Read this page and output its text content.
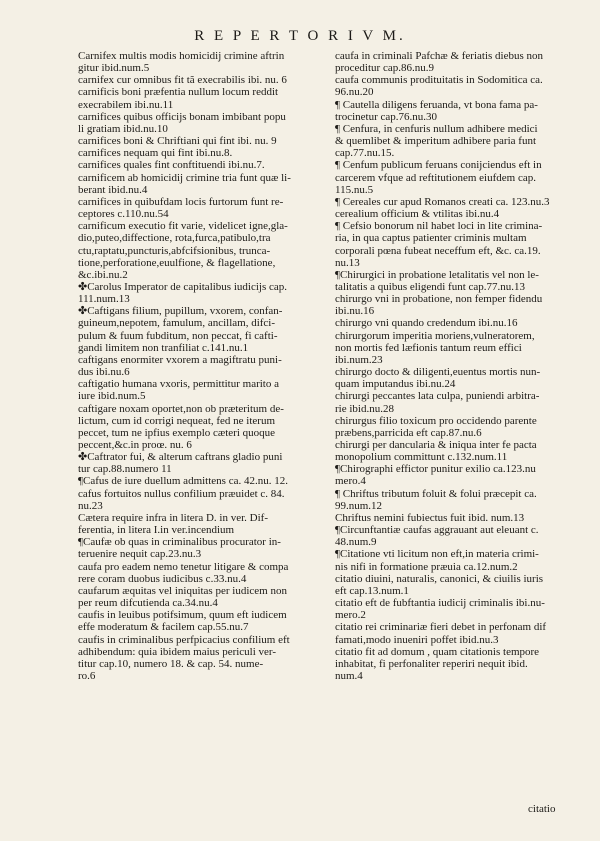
R E P E R T O R I V M.
Carnifex multis modis homicidij crimine aftrin
gitur ibid.num.5
carnifex cur omnibus fit tã execrabilis ibi. nu. 6
carnificis boni præfentia nullum locum reddit
execrabilem ibi.nu.11
carnifices quibus officijs bonam imbibant popu
li gratiam ibid.nu.10
carnifices boni & Chriftiani qui fint ibi. nu. 9
carnifices nequam qui fint ibi.nu.8.
carnifices quales fint conftituendi ibi.nu.7.
carnificem ab homicidij crimine tria funt quæ li-
berant ibid.nu.4
carnifices in quibufdam locis furtorum funt re-
ceptores c.110.nu.54
carnificum executio fit varie, videlicet igne,gla-
dio,puteo,diffectione, rota,furca,patibulo,tra
ctu,raptatu,puncturis,abfcifsionibus, trunca-
tione,perforatione,euulfione, & flagellatione,
&c.ibi.nu.2
✤Carolus Imperator de capitalibus iudicijs cap.
111.num.13
✤Caftigans filium, pupillum, vxorem, confan-
guineum,nepotem, famulum, ancillam, difci-
pulum & fuum fubditum, non peccat, fi cafti-
gandi limitem non tranfiliat c.141.nu.1
caftigans enormiter vxorem a magiftratu puni-
dus ibi.nu.6
caftigatio humana vxoris, permittitur marito a
iure ibid.num.5
caftigare noxam oportet,non ob præteritum de-
lictum, cum id corrigi nequeat, fed ne iterum
peccet, tum ne ipfius exemplo cæteri quoque
peccent,&c.in proœ. nu. 6
✤Caftrator fui, & alterum caftrans gladio puni
tur cap.88.numero 11
¶Cafus de iure duellum admittens ca. 42.nu. 12.
cafus fortuitos nullus confilium præuidet c. 84.
nu.23
Cætera require infra in litera D. in ver. Dif-
ferentia, in litera I.in ver.incendium
¶Caufæ ob quas in criminalibus procurator in-
teruenire nequit cap.23.nu.3
caufa pro eadem nemo tenetur litigare & compa
rere coram duobus iudicibus c.33.nu.4
caufarum æquitas vel iniquitas per iudicem non
per reum difcutienda ca.34.nu.4
caufis in leuibus potifsimum, quum eft iudicem
effe moderatum & facilem cap.55.nu.7
caufis in criminalibus perfpicacius confilium eft
adhibendum: quia ibidem maius periculi ver-
titur cap.10, numero 18. & cap. 54. nume-
ro.6
caufa in criminali Pafchæ & feriatis diebus non
proceditur cap.86.nu.9
caufa communis prodituitatis in Sodomitica ca.
96.nu.20
¶ Cautella diligens feruanda, vt bona fama pa-
trocinetur cap.76.nu.30
¶ Cenfura, in cenfuris nullum adhibere medici
& quemlibet & imperitum adhibere paria funt
cap.77.nu.15.
¶ Cenfum publicum feruans conijciendus eft in
carcerem vfque ad reftitutionem eiufdem cap.
115.nu.5
¶ Cereales cur apud Romanos creati ca. 123.nu.3
cerealium officium & vtilitas ibi.nu.4
¶ Cefsio bonorum nil habet loci in lite crimina-
ria, in qua captus patienter criminis multam
corporali pœna fubeat neceffum eft, &c. ca.19.
nu.13
¶Chirurgici in probatione letalitatis vel non le-
talitatis a quibus eligendi funt cap.77.nu.13
chirurgo vni in probatione, non femper fidendu
ibi.nu.16
chirurgo vni quando credendum ibi.nu.16
chirurgorum imperitia moriens,vulneratorem,
non mortis fed læfionis tantum reum effici
ibi.num.23
chirurgo docto & diligenti,euentus mortis nun-
quam imputandus ibi.nu.24
chirurgi peccantes lata culpa, puniendi arbitra-
rie ibid.nu.28
chirurgus filio toxicum pro occidendo parente
præbens,parricida eft cap.87.nu.6
chirurgi per dancularia & iniqua inter fe pacta
monopolium committunt c.132.num.11
¶Chirographi effictor punitur exilio ca.123.nu
mero.4
¶ Chriftus tributum foluit & folui præcepit ca.
99.num.12
Chriftus nemini fubiectus fuit ibid. num.13
¶Circunftantiæ caufas aggrauant aut eleuant c.
48.num.9
¶Citatione vti licitum non eft,in materia crimi-
nis nifi in formatione præuia ca.12.num.2
citatio diuini, naturalis, canonici, & ciuilis iuris
eft cap.13.num.1
citatio eft de fubftantia iudicij criminalis ibi.nu-
mero.2
citatio rei criminariæ fieri debet in perfonam dif
famati,modo inueniri poffet ibid.nu.3
citatio fit ad domum , quam citationis tempore
inhabitat, fi perfonaliter reperiri nequit ibid.
num.4
citatio
